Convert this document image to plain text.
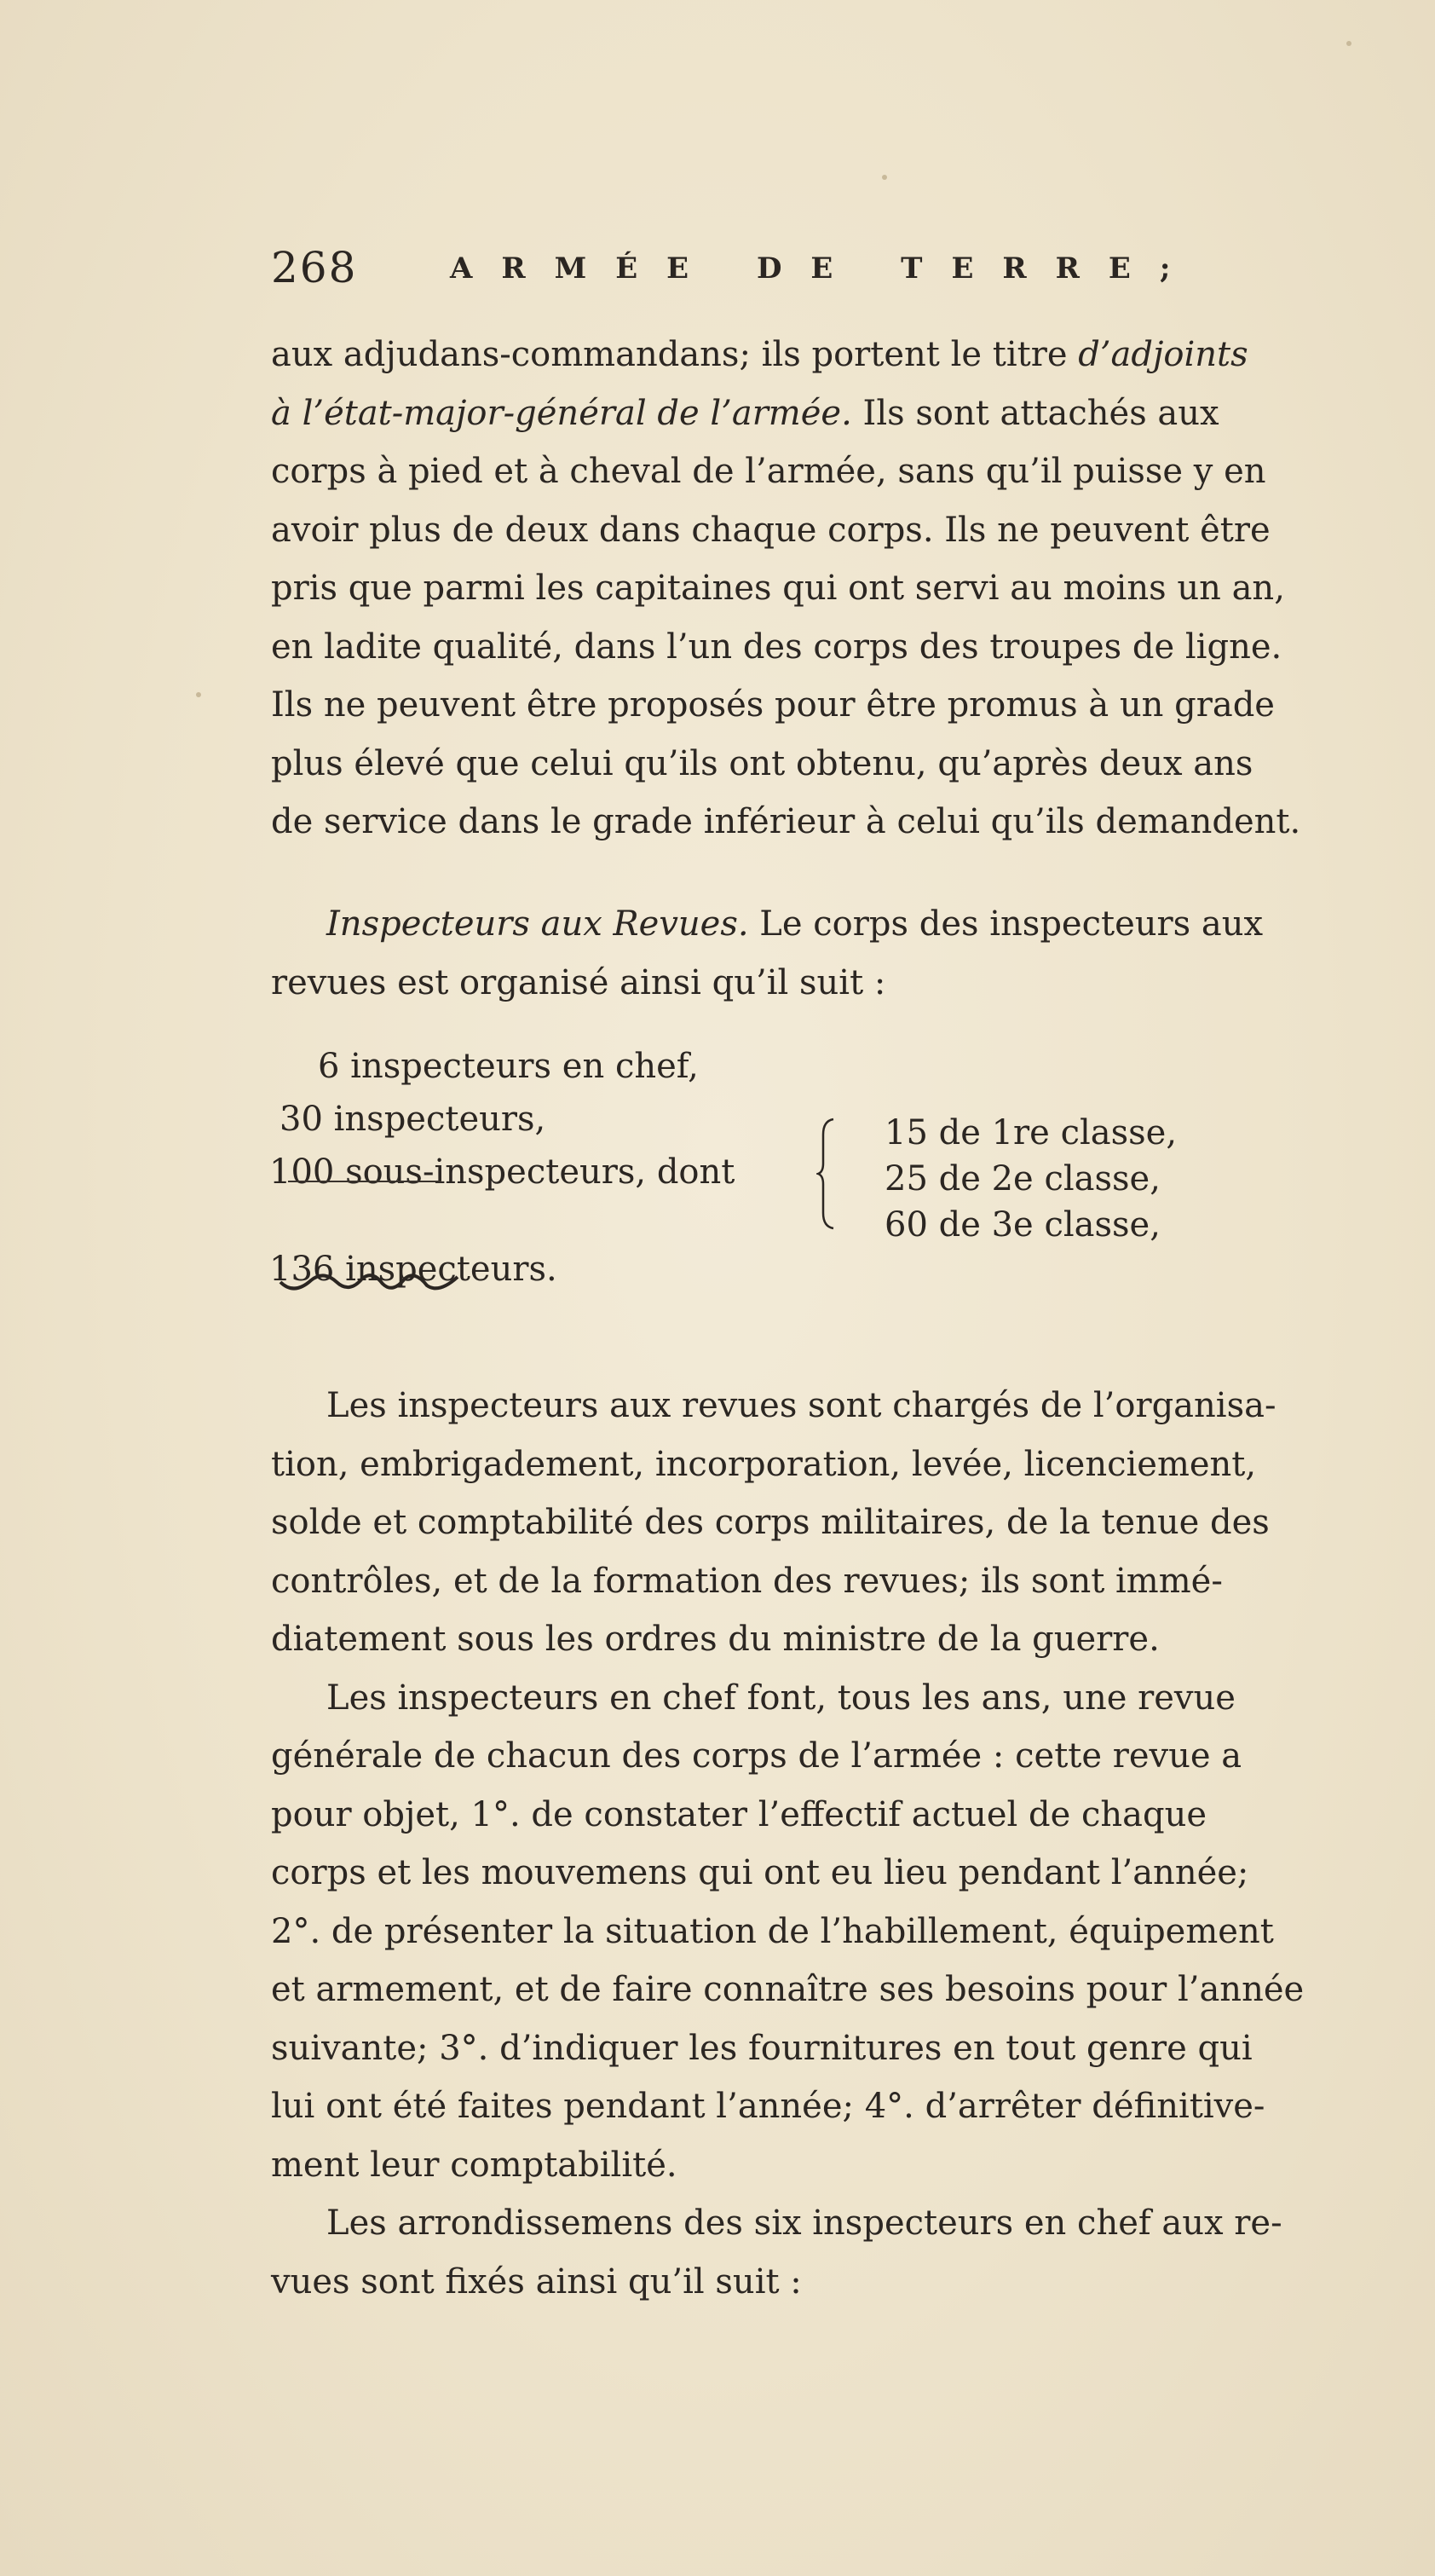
268	ARMÉE DE TERRE;
aux adjudans-commandans; ils portent le titre d’adjoints
à l’état-major-général de l’armée. Ils sont attachés aux
corps à pied et à cheval de l’armée, sans qu’il puisse y en
avoir plus de deux dans chaque corps. Ils ne peuvent être
pris que parmi les capitaines qui ont servi au moins un an,
en ladite qualité, dans l’un des corps des troupes de ligne.
Ils ne peuvent être proposés pour être promus à un grade
plus élevé que celui qu’ils ont obtenu, qu’après deux ans
de service dans le grade inférieur à celui qu’ils demandent.
Inspecteurs aux Revues. Le corps des inspecteurs aux
revues est organisé ainsi qu’il suit :
6 inspecteurs en chef,
30 inspecteurs,
100 sous-inspecteurs, dont
136 inspecteurs.
15 de 1re classe,
25 de 2e classe,
60 de 3e classe,
Les inspecteurs aux revues sont chargés de l’organisa-
tion, embrigadement, incorporation, levée, licenciement,
solde et comptabilité des corps militaires, de la tenue des
contrôles, et de la formation des revues; ils sont immé-
diatement sous les ordres du ministre de la guerre.
Les inspecteurs en chef font, tous les ans, une revue
générale de chacun des corps de l’armée : cette revue a
pour objet, 1°. de constater l’effectif actuel de chaque
corps et les mouvemens qui ont eu lieu pendant l’année;
2°. de présenter la situation de l’habillement, équipement
et armement, et de faire connaître ses besoins pour l’année
suivante; 3°. d’indiquer les fournitures en tout genre qui
lui ont été faites pendant l’année; 4°. d’arrêter définitive-
ment leur comptabilité.
Les arrondissemens des six inspecteurs en chef aux re-
vues sont fixés ainsi qu’il suit :
